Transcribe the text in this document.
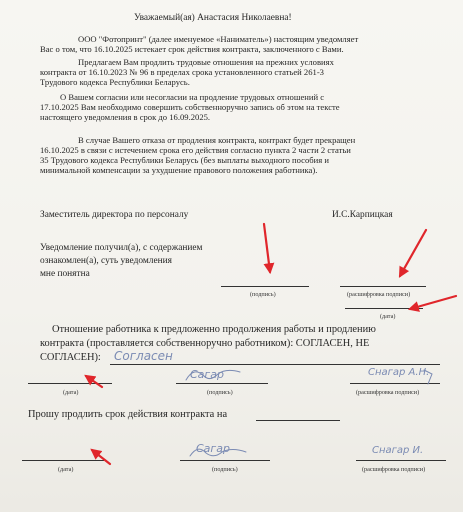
Уважаемый(ая) Анастасия Николаевна!
ООО "Фотопринт" (далее именуемое «Наниматель») настоящим уведомляет
Вас о том, что 16.10.2025 истекает срок действия контракта, заключенного с Вами.
Предлагаем Вам продлить трудовые отношения на прежних условиях
контракта от 16.10.2023 № 96 в пределах срока установленного статьей 261-3
Трудового кодекса Республики Беларусь.
О Вашем согласии или несогласии на продление трудовых отношений с
17.10.2025 Вам необходимо совершить собственноручно запись об этом на тексте
настоящего уведомления в срок до 16.09.2025.
В случае Вашего отказа от продления контракта, контракт будет прекращен
16.10.2025 в связи с истечением срока его действия согласно пункта 2 части 2 статьи
35 Трудового кодекса Республики Беларусь (без выплаты выходного пособия и
минимальной компенсации за ухудшение правового положения работника).
Заместитель директора по персоналу	И.С.Карпицкая
Уведомление получил(а), с содержанием
ознакомлен(а), суть уведомления
мне понятна
(подпись)	(расшифровка подписи)
(дата)
Отношение работника к предложенно продолжения работы и продлению
контракта (проставляется собственноручно работником): СОГЛАСЕН, НЕ
СОГЛАСЕН): Согласен
(дата)
Сагар
(подпись)
Снагар А.Н.
(расшифровка подписи)
Прошу продлить срок действия контракта на
(дата)
Сагар
(подпись)
Снагар И.
(расшифровка подписи)
